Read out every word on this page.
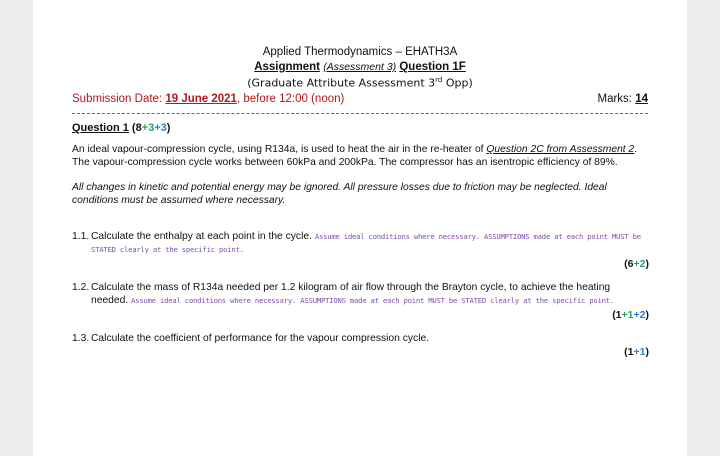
Applied Thermodynamics – EHATH3A
Assignment (Assessment 3) Question 1F
(Graduate Attribute Assessment 3rd Opp)
Submission Date: 19 June 2021, before 12:00 (noon)	Marks: 14
Question 1 (8+3+3)
An ideal vapour-compression cycle, using R134a, is used to heat the air in the re-heater of Question 2C from Assessment 2. The vapour-compression cycle works between 60kPa and 200kPa. The compressor has an isentropic efficiency of 89%.
All changes in kinetic and potential energy may be ignored. All pressure losses due to friction may be neglected. Ideal conditions must be assumed where necessary.
1.1. Calculate the enthalpy at each point in the cycle. Assume ideal conditions where necessary. ASSUMPTIONS made at each point MUST be STATED clearly at the specific point.
(6+2)
1.2. Calculate the mass of R134a needed per 1.2 kilogram of air flow through the Brayton cycle, to achieve the heating needed. Assume ideal conditions where necessary. ASSUMPTIONS made at each point MUST be STATED clearly at the specific point.
(1+1+2)
1.3. Calculate the coefficient of performance for the vapour compression cycle.
(1+1)
